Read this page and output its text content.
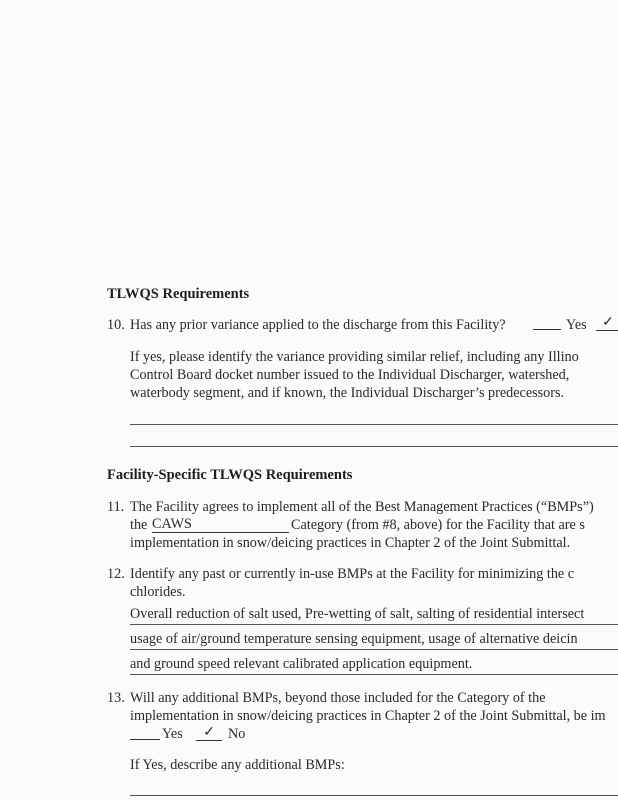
TLWQS Requirements
10. Has any prior variance applied to the discharge from this Facility?	Yes	✓
If yes, please identify the variance providing similar relief, including any Illino
Control Board docket number issued to the Individual Discharger, watershed,
waterbody segment, and if known, the Individual Discharger’s predecessors.
Facility-Specific TLWQS Requirements
11. The Facility agrees to implement all of the Best Management Practices (“BMPs”)
the CAWS	Category (from #8, above) for the Facility that are s
implementation in snow/deicing practices in Chapter 2 of the Joint Submittal.
12. Identify any past or currently in-use BMPs at the Facility for minimizing the c
chlorides.
Overall reduction of salt used, Pre-wetting of salt, salting of residential intersect
usage of air/ground temperature sensing equipment, usage of alternative deicin
and ground speed relevant calibrated application equipment.
13. Will any additional BMPs, beyond those included for the Category of the
implementation in snow/deicing practices in Chapter 2 of the Joint Submittal, be im
Yes	✓ No
If Yes, describe any additional BMPs:
